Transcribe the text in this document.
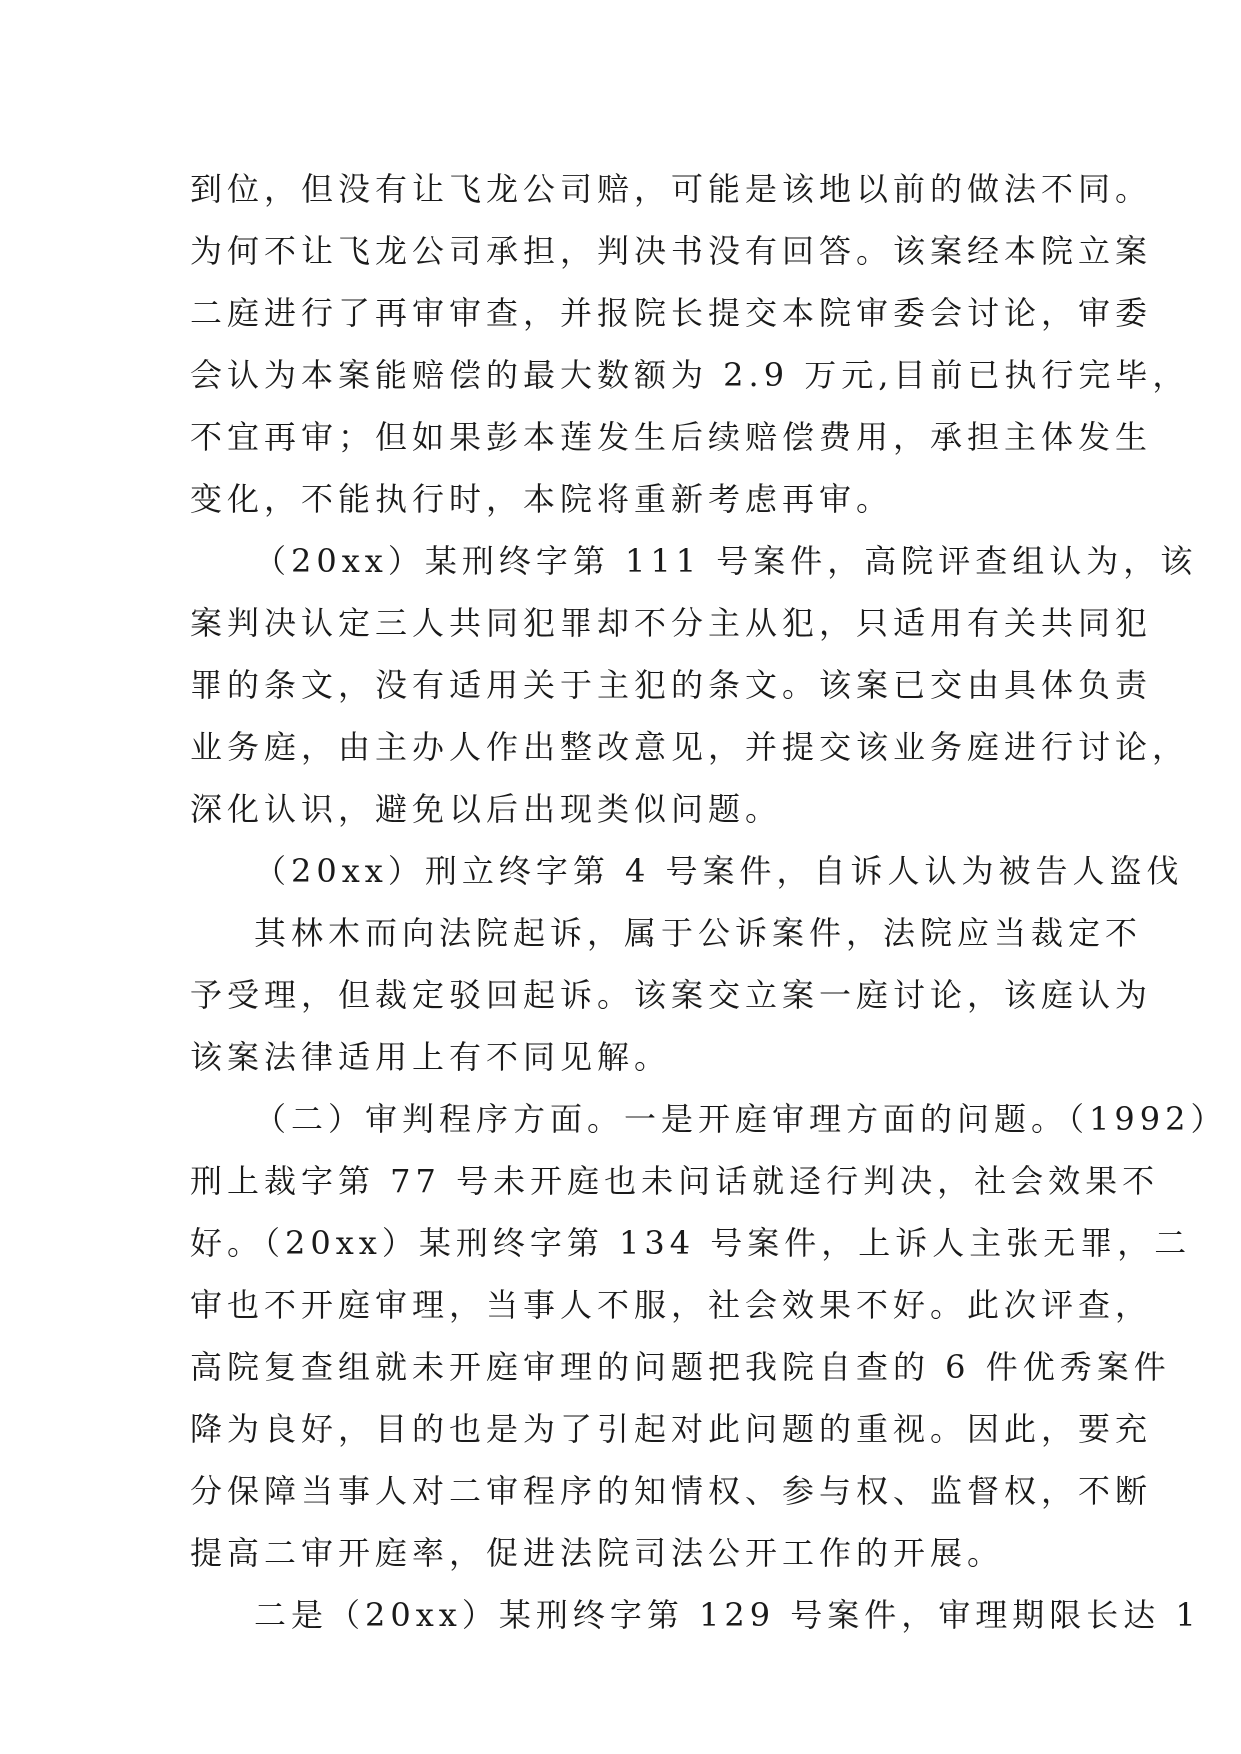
到位，但没有让飞龙公司赔，可能是该地以前的做法不同。
为何不让飞龙公司承担，判决书没有回答。该案经本院立案
二庭进行了再审审查，并报院长提交本院审委会讨论，审委
会认为本案能赔偿的最大数额为 2.9 万元,目前已执行完毕，
不宜再审；但如果彭本莲发生后续赔偿费用，承担主体发生
变化，不能执行时，本院将重新考虑再审。
（20xx）某刑终字第 111 号案件，高院评查组认为，该
案判决认定三人共同犯罪却不分主从犯，只适用有关共同犯
罪的条文，没有适用关于主犯的条文。该案已交由具体负责
业务庭，由主办人作出整改意见，并提交该业务庭进行讨论，
深化认识，避免以后出现类似问题。
（20xx）刑立终字第 4 号案件，自诉人认为被告人盗伐
其林木而向法院起诉，属于公诉案件，法院应当裁定不
予受理，但裁定驳回起诉。该案交立案一庭讨论，该庭认为
该案法律适用上有不同见解。
（二）审判程序方面。一是开庭审理方面的问题。（1992）
刑上裁字第 77 号未开庭也未问话就迳行判决，社会效果不
好。（20xx）某刑终字第 134 号案件，上诉人主张无罪，二
审也不开庭审理，当事人不服，社会效果不好。此次评查，
高院复查组就未开庭审理的问题把我院自查的 6 件优秀案件
降为良好，目的也是为了引起对此问题的重视。因此，要充
分保障当事人对二审程序的知情权、参与权、监督权，不断
提高二审开庭率，促进法院司法公开工作的开展。
二是（20xx）某刑终字第 129 号案件，审理期限长达 1
